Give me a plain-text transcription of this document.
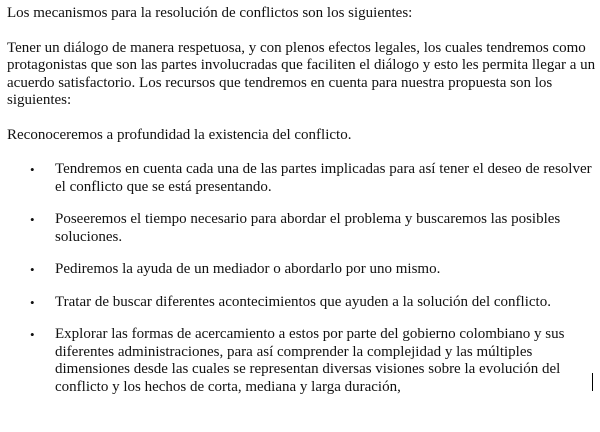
Los mecanismos para la resolución de conflictos son los siguientes:

Tener un diálogo de manera respetuosa, y con plenos efectos legales, los cuales tendremos como protagonistas que son las partes involucradas que faciliten el diálogo y esto les permita llegar a un acuerdo satisfactorio. Los recursos que tendremos en cuenta para nuestra propuesta son los siguientes:

Reconoceremos a profundidad la existencia del conflicto.

• Tendremos en cuenta cada una de las partes implicadas para así tener el deseo de resolver el conflicto que se está presentando.
• Poseeremos el tiempo necesario para abordar el problema y buscaremos las posibles soluciones.
• Pediremos la ayuda de un mediador o abordarlo por uno mismo.
• Tratar de buscar diferentes acontecimientos que ayuden a la solución del conflicto.
• Explorar las formas de acercamiento a estos por parte del gobierno colombiano y sus diferentes administraciones, para así comprender la complejidad y las múltiples dimensiones desde las cuales se representan diversas visiones sobre la evolución del conflicto y los hechos de corta, mediana y larga duración,
